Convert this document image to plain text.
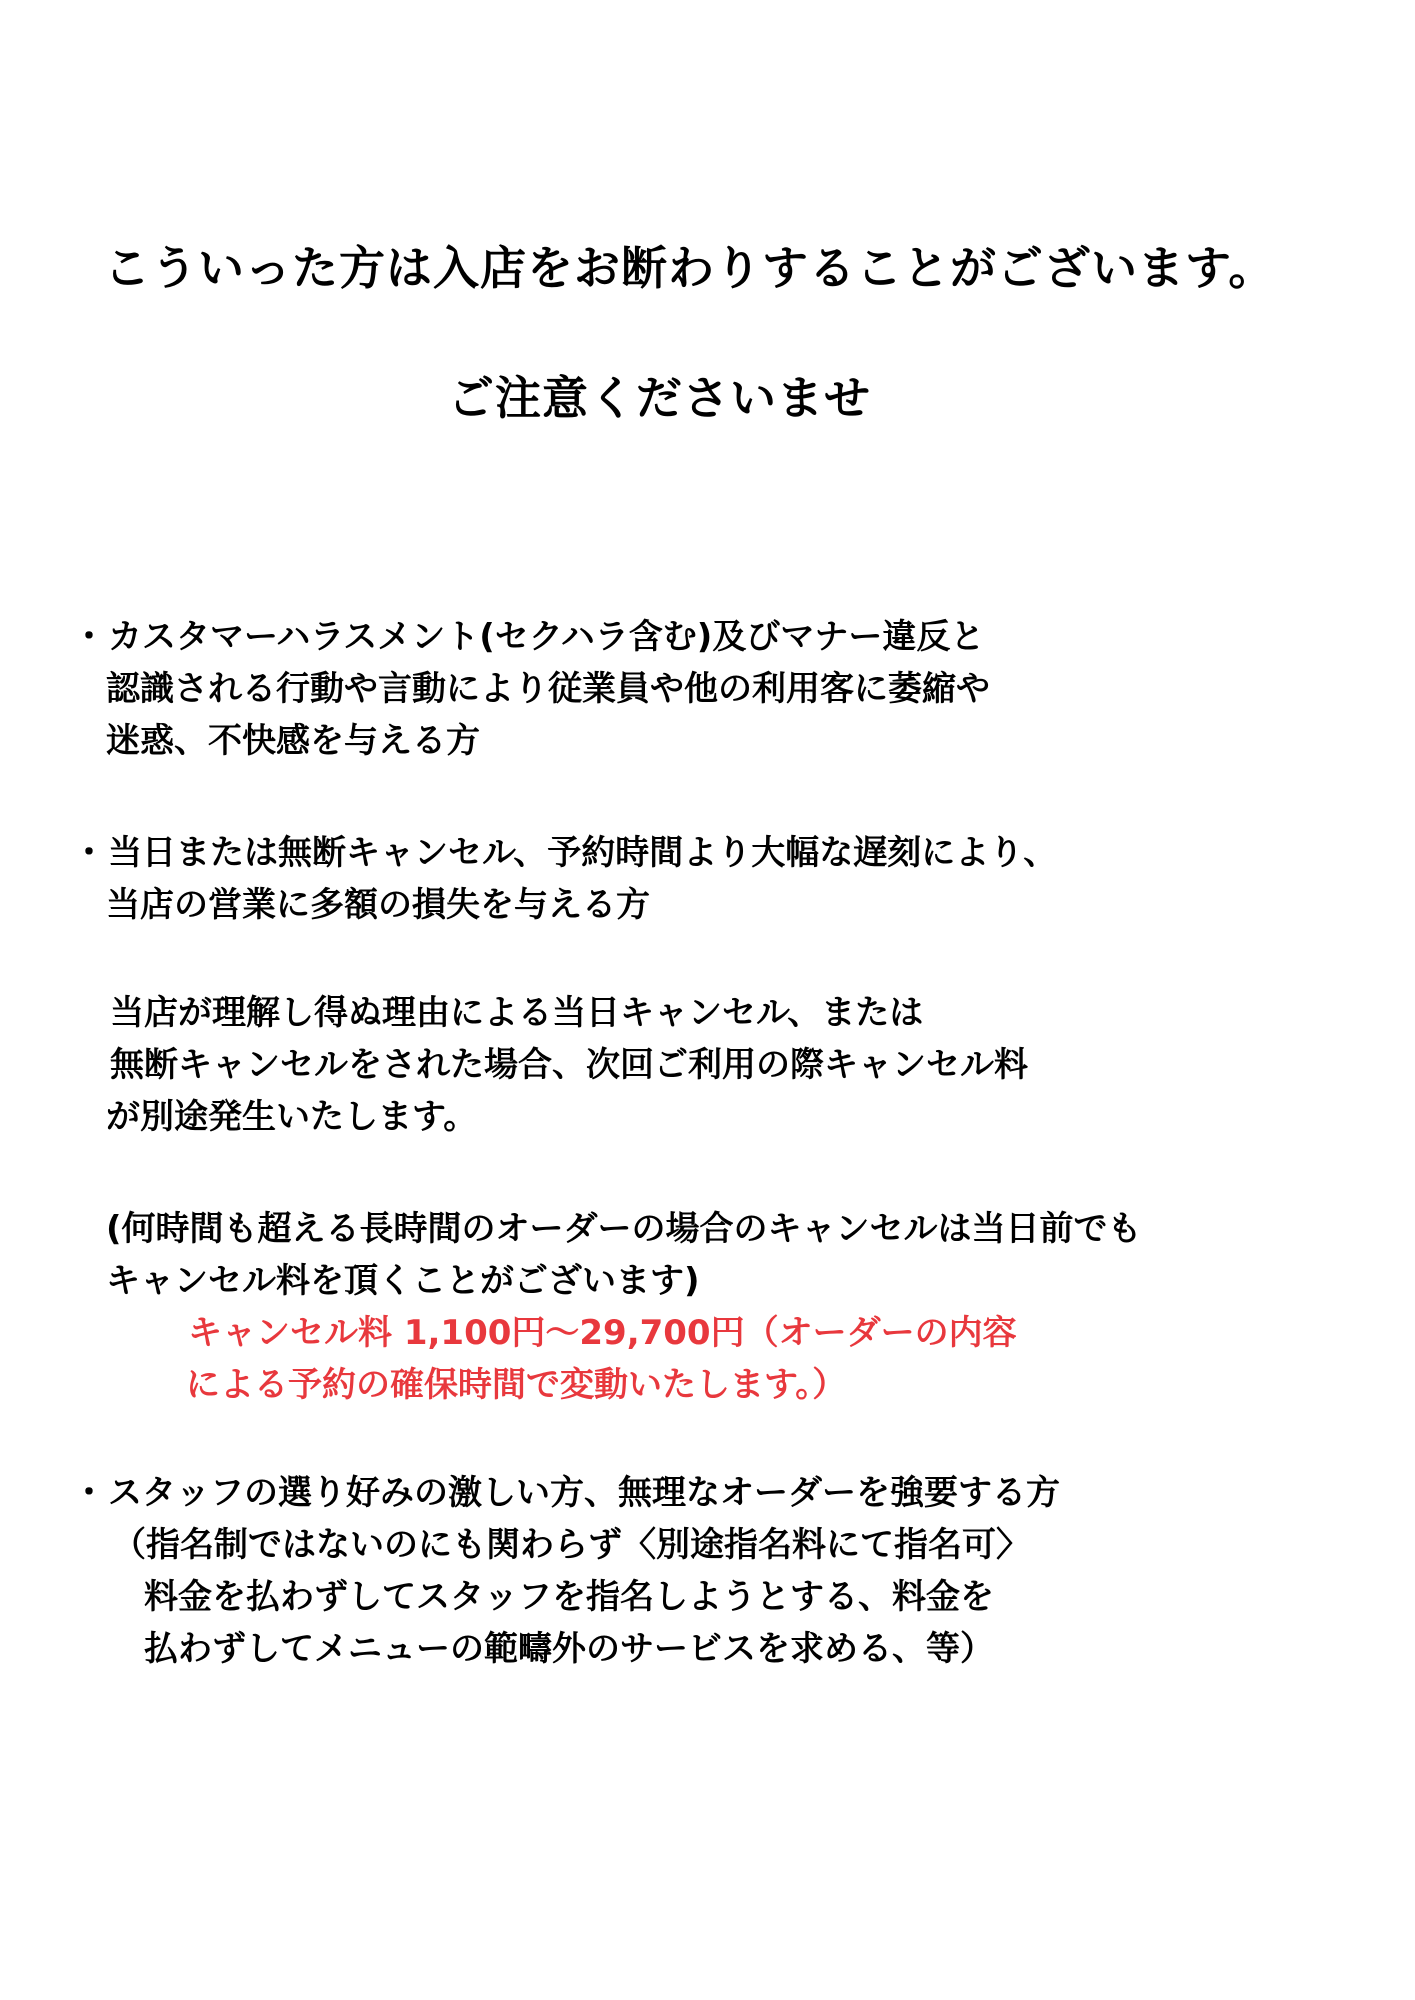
こういった方は入店をお断わりすることがございます。
ご注意くださいませ
・ カスタマーハラスメント(セクハラ含む)及びマナー違反と

認識される行動や言動により従業員や他の利用客に萎縮や

迷惑、不快感を与える方

・ 当日または無断キャンセル、予約時間より大幅な遅刻により、

当店の営業に多額の損失を与える方

当店が理解し得ぬ理由による当日キャンセル、または

無断キャンセルをされた場合、次回ご利用の際キャンセル料

が別途発生いたします。

(何時間も超える長時間のオーダーの場合のキャンセルは当日前でも

キャンセル料を頂くことがございます)

キャンセル料 1,100円〜29,700円（オーダーの内容

による予約の確保時間で変動いたします。）

・ スタッフの選り好みの激しい方、無理なオーダーを強要する方

（指名制ではないのにも関わらず〈別途指名料にて指名可〉

料金を払わずしてスタッフを指名しようとする、料金を

払わずしてメニューの範疇外のサービスを求める、等）
